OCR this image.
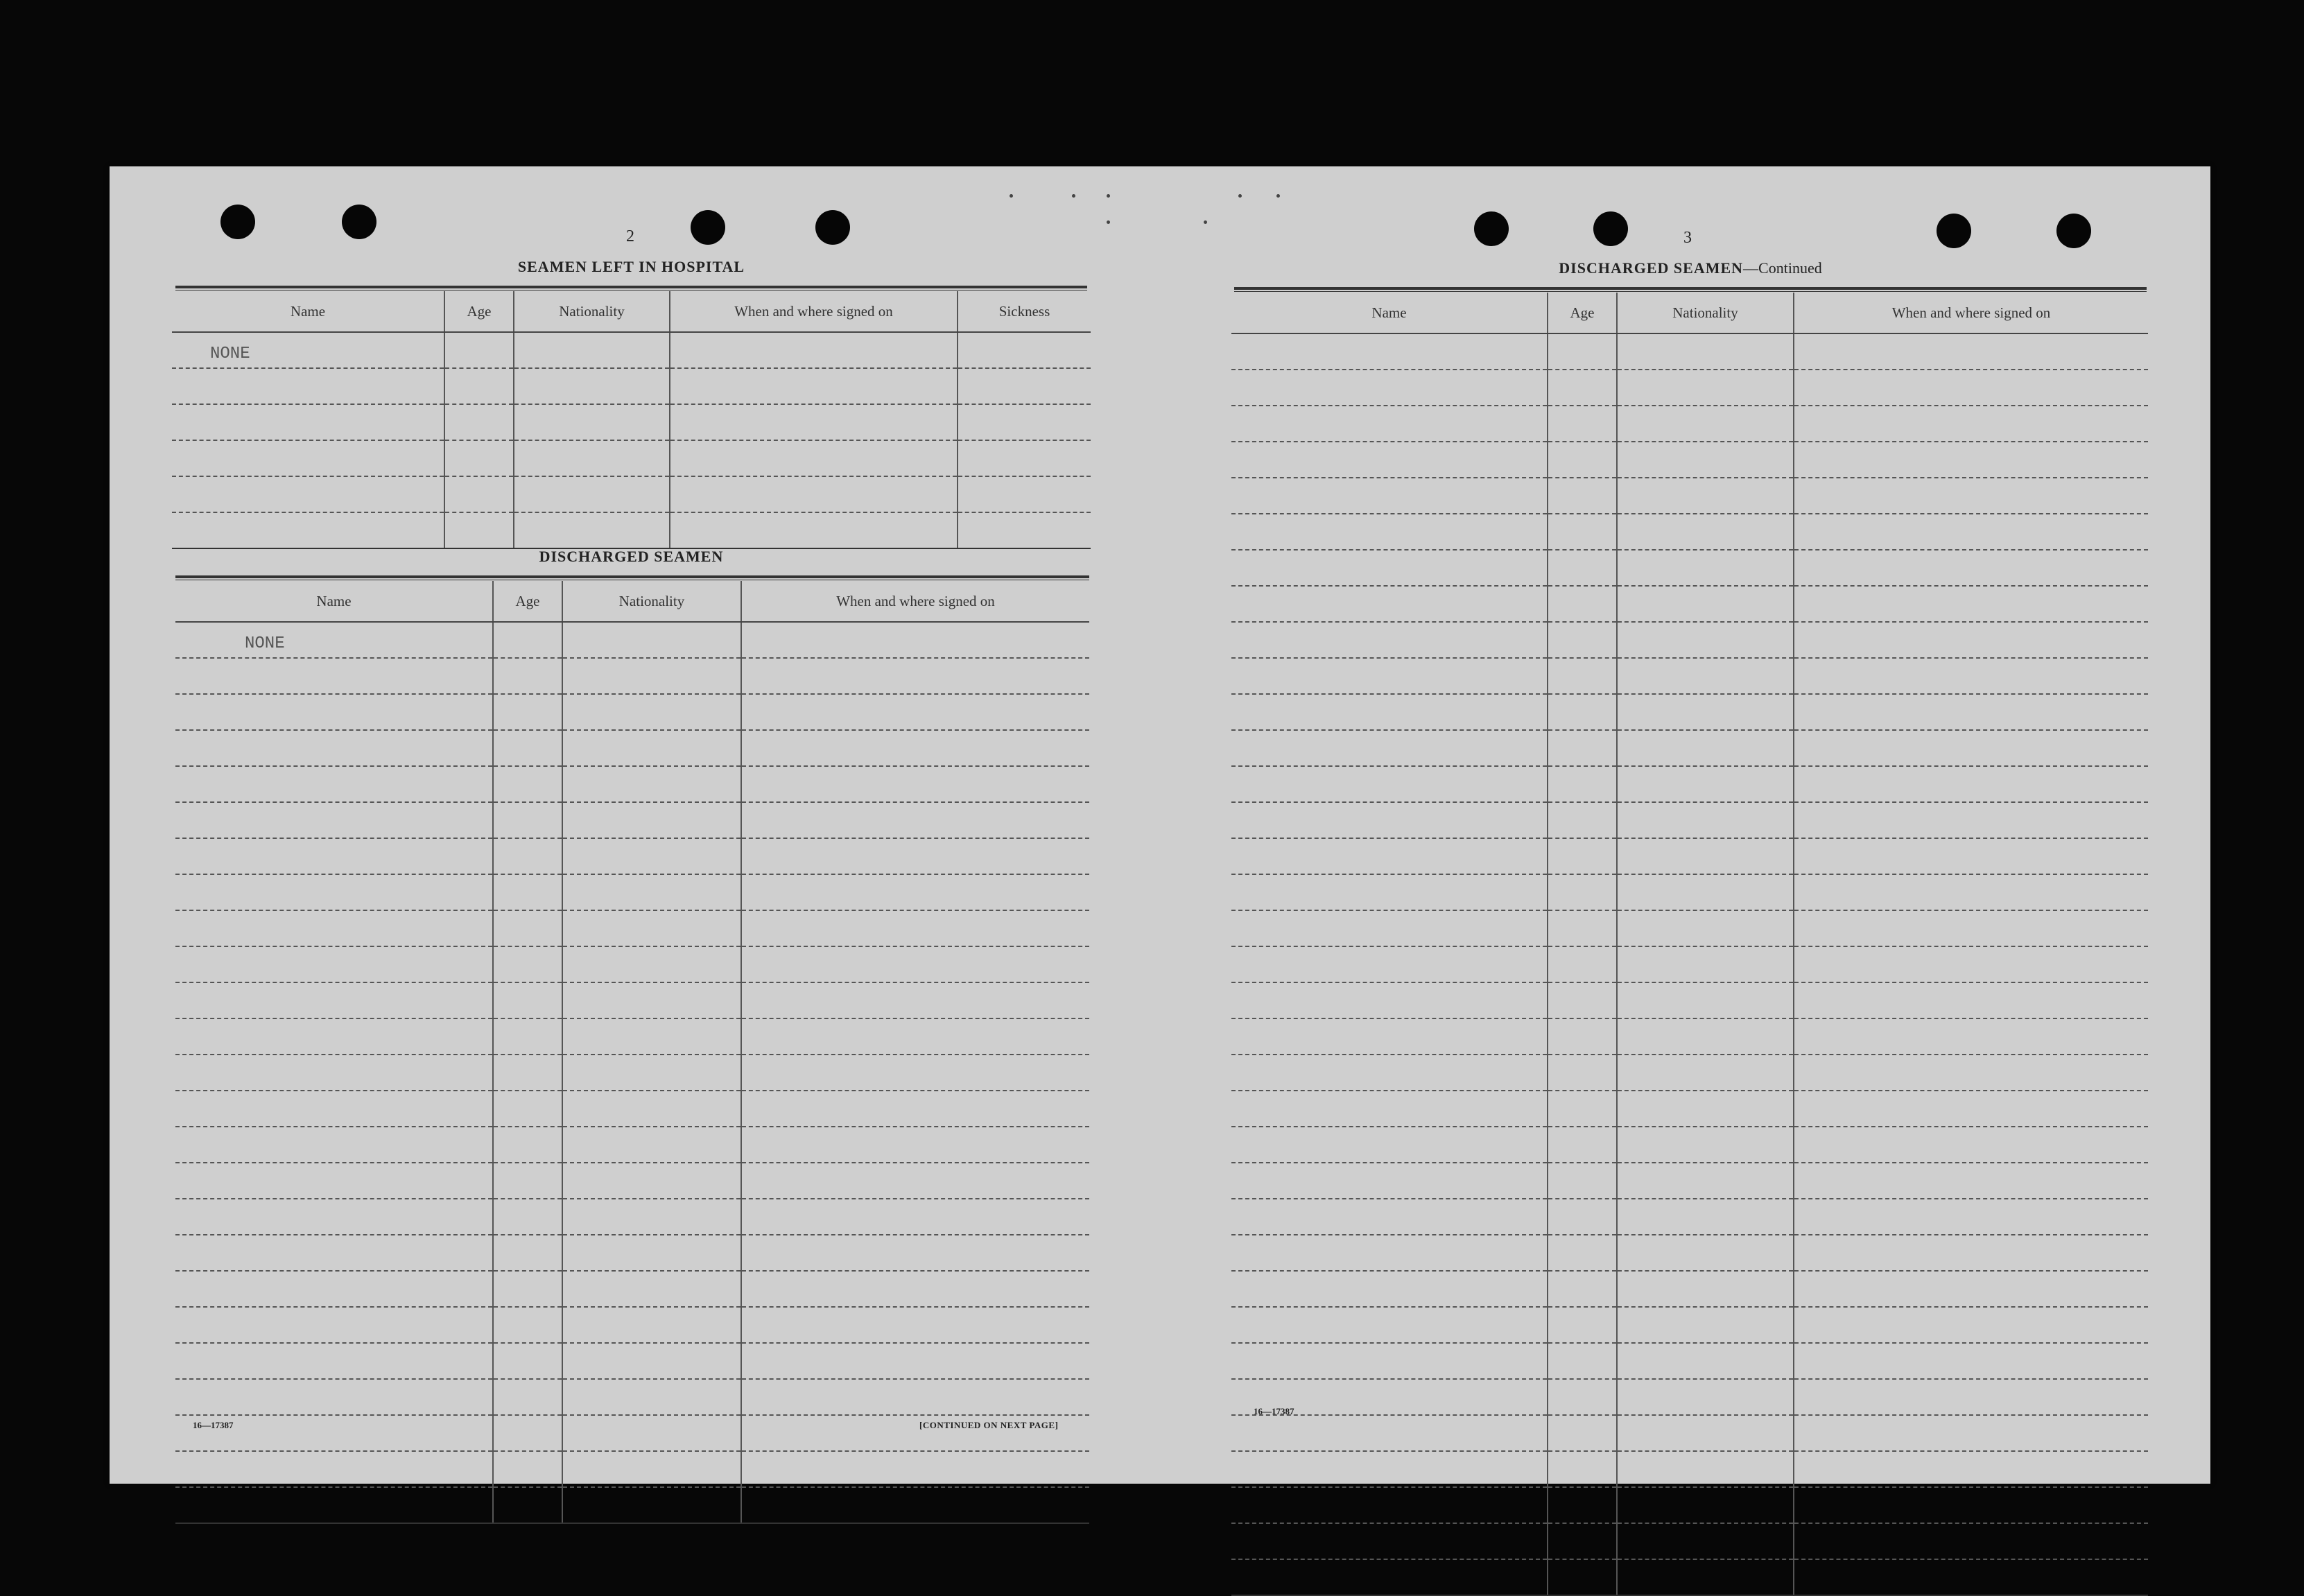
2
SEAMEN LEFT IN HOSPITAL
Name	Age	Nationality	When and where signed on	Sickness
NONE				

DISCHARGED SEAMEN
Name	Age	Nationality	When and where signed on
NONE			

16—17387	[CONTINUED ON NEXT PAGE]
3
DISCHARGED SEAMEN—Continued
Name	Age	Nationality	When and where signed on

16—17387
